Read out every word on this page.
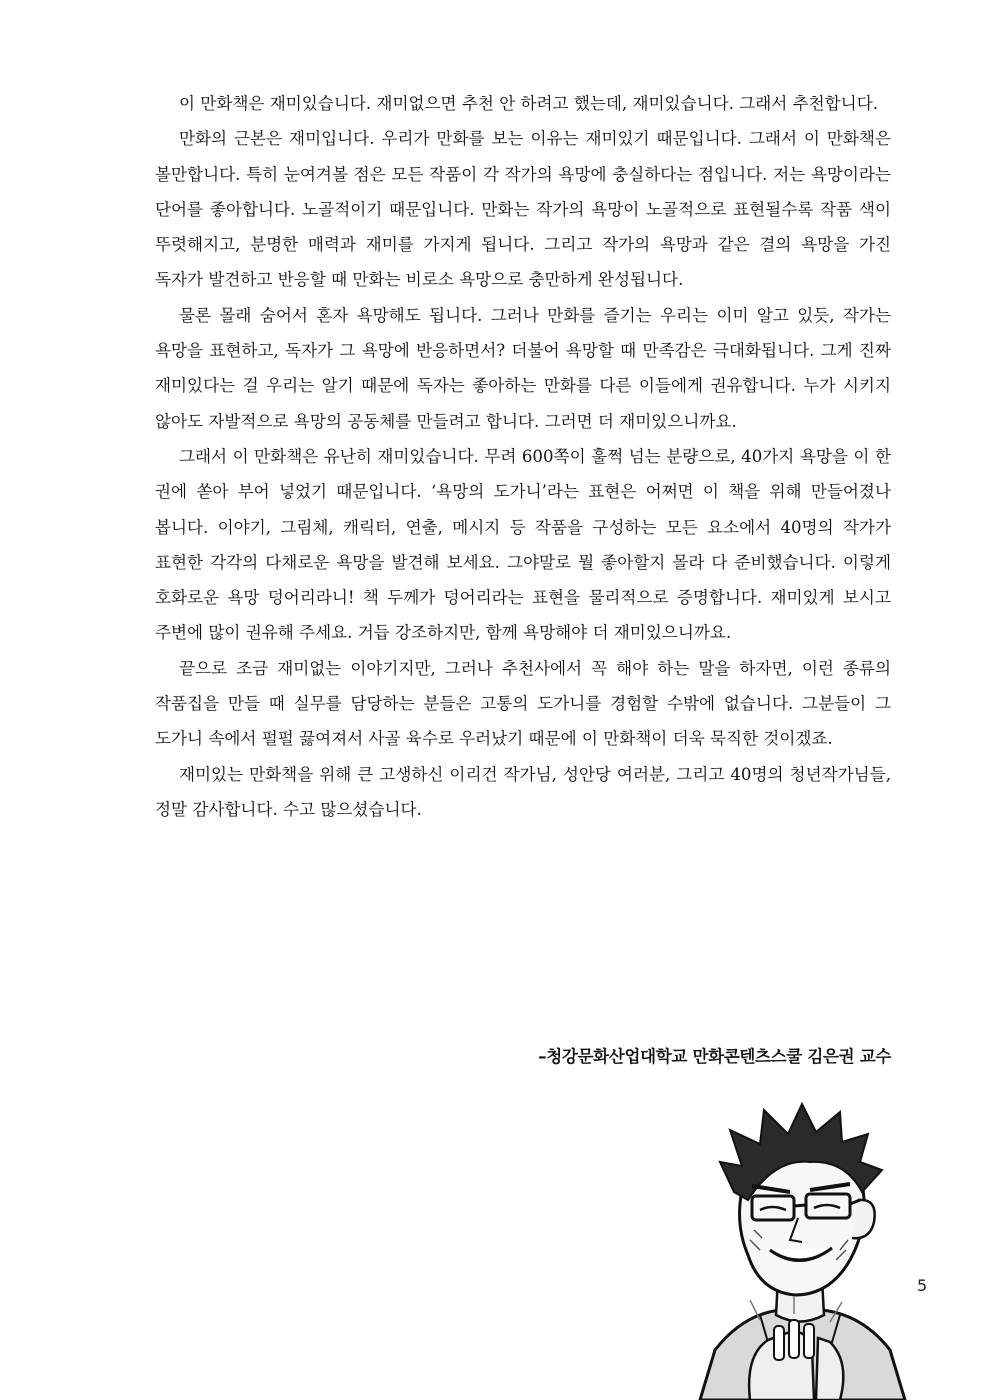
이 만화책은 재미있습니다. 재미없으면 추천 안 하려고 했는데, 재미있습니다. 그래서 추천합니다.

만화의 근본은 재미입니다. 우리가 만화를 보는 이유는 재미있기 때문입니다. 그래서 이 만화책은 볼만합니다. 특히 눈여겨볼 점은 모든 작품이 각 작가의 욕망에 충실하다는 점입니다. 저는 욕망이라는 단어를 좋아합니다. 노골적이기 때문입니다. 만화는 작가의 욕망이 노골적으로 표현될수록 작품 색이 뚜렷해지고, 분명한 매력과 재미를 가지게 됩니다. 그리고 작가의 욕망과 같은 결의 욕망을 가진 독자가 발견하고 반응할 때 만화는 비로소 욕망으로 충만하게 완성됩니다.

물론 몰래 숨어서 혼자 욕망해도 됩니다. 그러나 만화를 즐기는 우리는 이미 알고 있듯, 작가는 욕망을 표현하고, 독자가 그 욕망에 반응하면서? 더불어 욕망할 때 만족감은 극대화됩니다. 그게 진짜 재미있다는 걸 우리는 알기 때문에 독자는 좋아하는 만화를 다른 이들에게 권유합니다. 누가 시키지 않아도 자발적으로 욕망의 공동체를 만들려고 합니다. 그러면 더 재미있으니까요.

그래서 이 만화책은 유난히 재미있습니다. 무려 600쪽이 훌쩍 넘는 분량으로, 40가지 욕망을 이 한 권에 쏟아 부어 넣었기 때문입니다. ‘욕망의 도가니’라는 표현은 어쩌면 이 책을 위해 만들어졌나 봅니다. 이야기, 그림체, 캐릭터, 연출, 메시지 등 작품을 구성하는 모든 요소에서 40명의 작가가 표현한 각각의 다채로운 욕망을 발견해 보세요. 그야말로 뭘 좋아할지 몰라 다 준비했습니다. 이렇게 호화로운 욕망 덩어리라니! 책 두께가 덩어리라는 표현을 물리적으로 증명합니다. 재미있게 보시고 주변에 많이 권유해 주세요. 거듭 강조하지만, 함께 욕망해야 더 재미있으니까요.

끝으로 조금 재미없는 이야기지만, 그러나 추천사에서 꼭 해야 하는 말을 하자면, 이런 종류의 작품집을 만들 때 실무를 담당하는 분들은 고통의 도가니를 경험할 수밖에 없습니다. 그분들이 그 도가니 속에서 펄펄 끓여져서 사골 육수로 우러났기 때문에 이 만화책이 더욱 묵직한 것이겠죠.

재미있는 만화책을 위해 큰 고생하신 이리건 작가님, 성안당 여러분, 그리고 40명의 청년작가님들, 정말 감사합니다. 수고 많으셨습니다.

–청강문화산업대학교 만화콘텐츠스쿨 김은권 교수
5
